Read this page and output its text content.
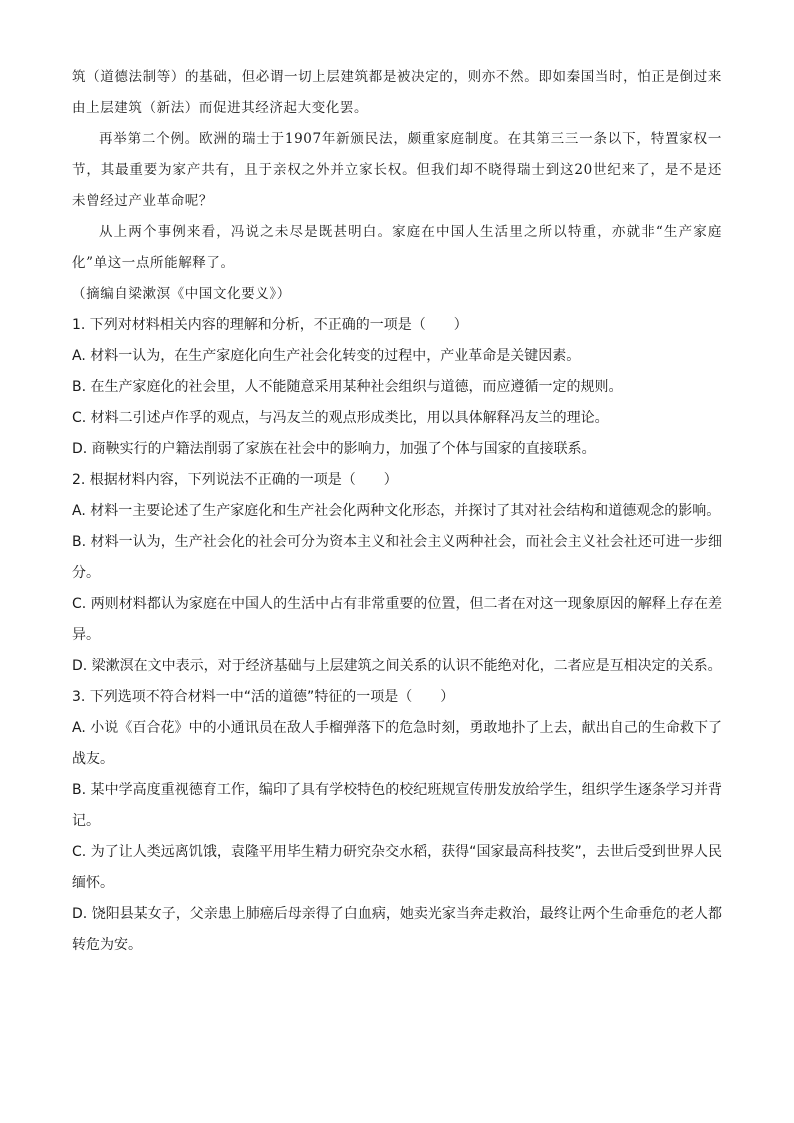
筑（道德法制等）的基础，但必谓一切上层建筑都是被决定的，则亦不然。即如秦国当时，怕正是倒过来由上层建筑（新法）而促进其经济起大变化罢。

再举第二个例。欧洲的瑞士于1907年新颁民法，颇重家庭制度。在其第三三一条以下，特置家权一节，其最重要为家产共有，且于亲权之外并立家长权。但我们却不晓得瑞士到这20世纪来了，是不是还未曾经过产业革命呢？

从上两个事例来看，冯说之未尽是既甚明白。家庭在中国人生活里之所以特重，亦就非“生产家庭化”单这一点所能解释了。

（摘编自梁漱溟《中国文化要义》）

1. 下列对材料相关内容的理解和分析，不正确的一项是（　　）

A. 材料一认为，在生产家庭化向生产社会化转变的过程中，产业革命是关键因素。

B. 在生产家庭化的社会里，人不能随意采用某种社会组织与道德，而应遵循一定的规则。

C. 材料二引述卢作孚的观点，与冯友兰的观点形成类比，用以具体解释冯友兰的理论。

D. 商鞅实行的户籍法削弱了家族在社会中的影响力，加强了个体与国家的直接联系。

2. 根据材料内容，下列说法不正确的一项是（　　）

A. 材料一主要论述了生产家庭化和生产社会化两种文化形态，并探讨了其对社会结构和道德观念的影响。

B. 材料一认为，生产社会化的社会可分为资本主义和社会主义两种社会，而社会主义社会社还可进一步细分。

C. 两则材料都认为家庭在中国人的生活中占有非常重要的位置，但二者在对这一现象原因的解释上存在差异。

D. 梁漱溟在文中表示，对于经济基础与上层建筑之间关系的认识不能绝对化，二者应是互相决定的关系。

3. 下列选项不符合材料一中“活的道德”特征的一项是（　　）

A. 小说《百合花》中的小通讯员在敌人手榴弹落下的危急时刻，勇敢地扑了上去，献出自己的生命救下了战友。

B. 某中学高度重视德育工作，编印了具有学校特色的校纪班规宣传册发放给学生，组织学生逐条学习并背记。

C. 为了让人类远离饥饿，袁隆平用毕生精力研究杂交水稻，获得“国家最高科技奖”，去世后受到世界人民缅怀。

D. 饶阳县某女子，父亲患上肺癌后母亲得了白血病，她卖光家当奔走救治，最终让两个生命垂危的老人都转危为安。
